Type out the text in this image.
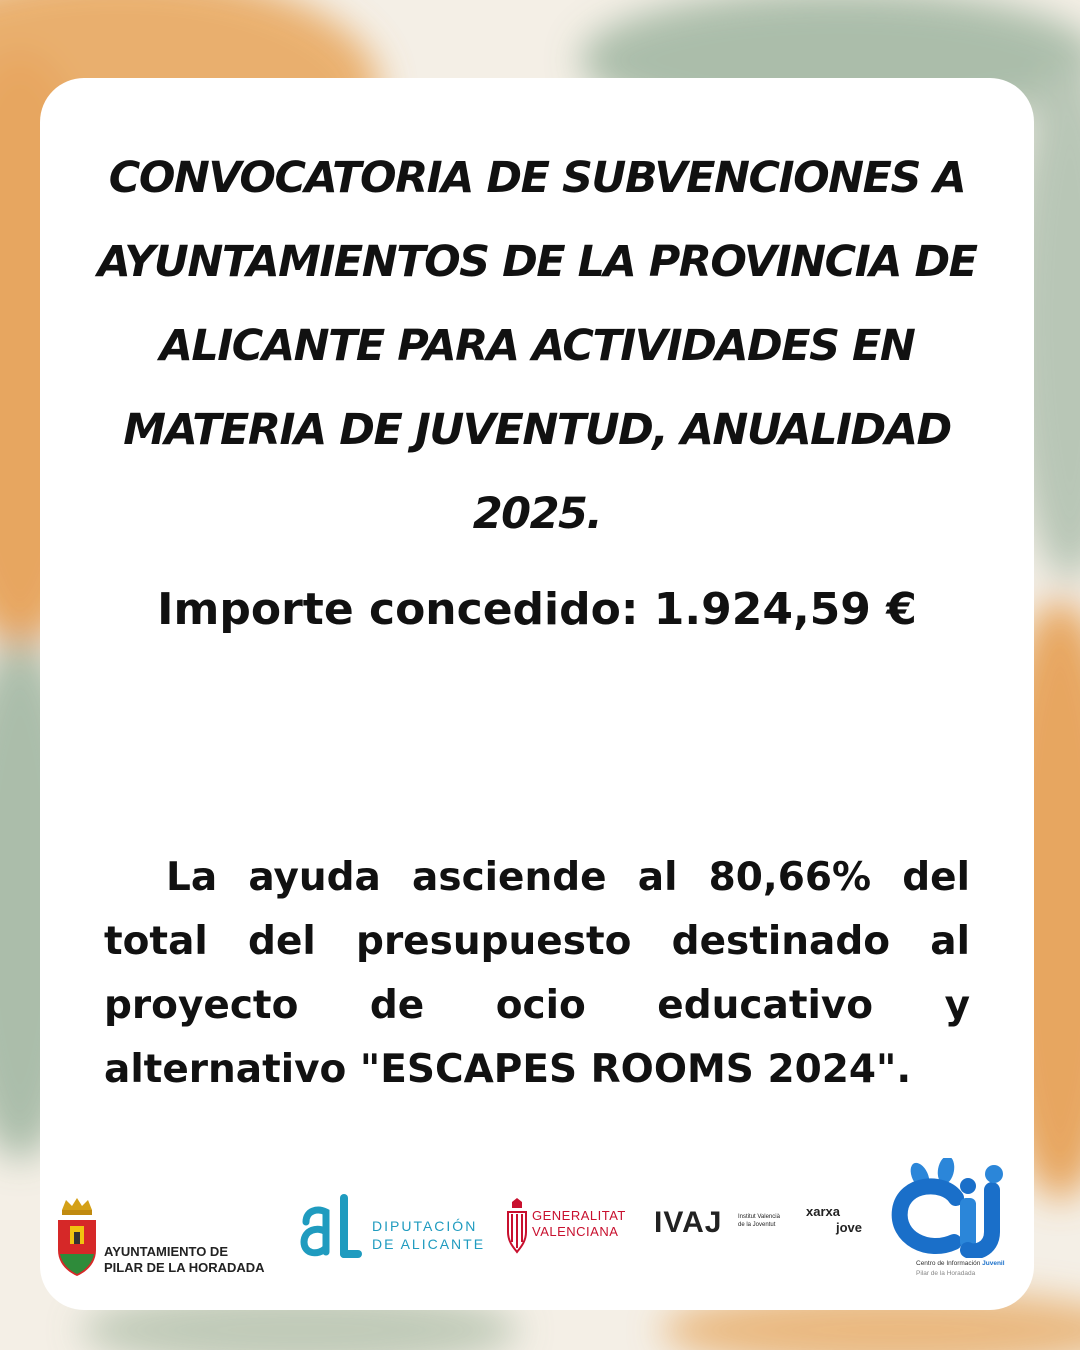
CONVOCATORIA DE SUBVENCIONES A AYUNTAMIENTOS DE LA PROVINCIA DE ALICANTE PARA ACTIVIDADES EN MATERIA DE JUVENTUD, ANUALIDAD 2025.

Importe concedido: 1.924,59 €

La ayuda asciende al 80,66% del total del presupuesto destinado al proyecto de ocio educativo y alternativo "ESCAPES ROOMS 2024".

AYUNTAMIENTO DE
PILAR DE LA HORADADA
DIPUTACIÓN
DE ALICANTE
GENERALITAT
VALENCIANA IVAJ	Institut Valencià
de la Joventut
xarxa
jove
Centro de Información Juvenil
Pilar de la Horadada
